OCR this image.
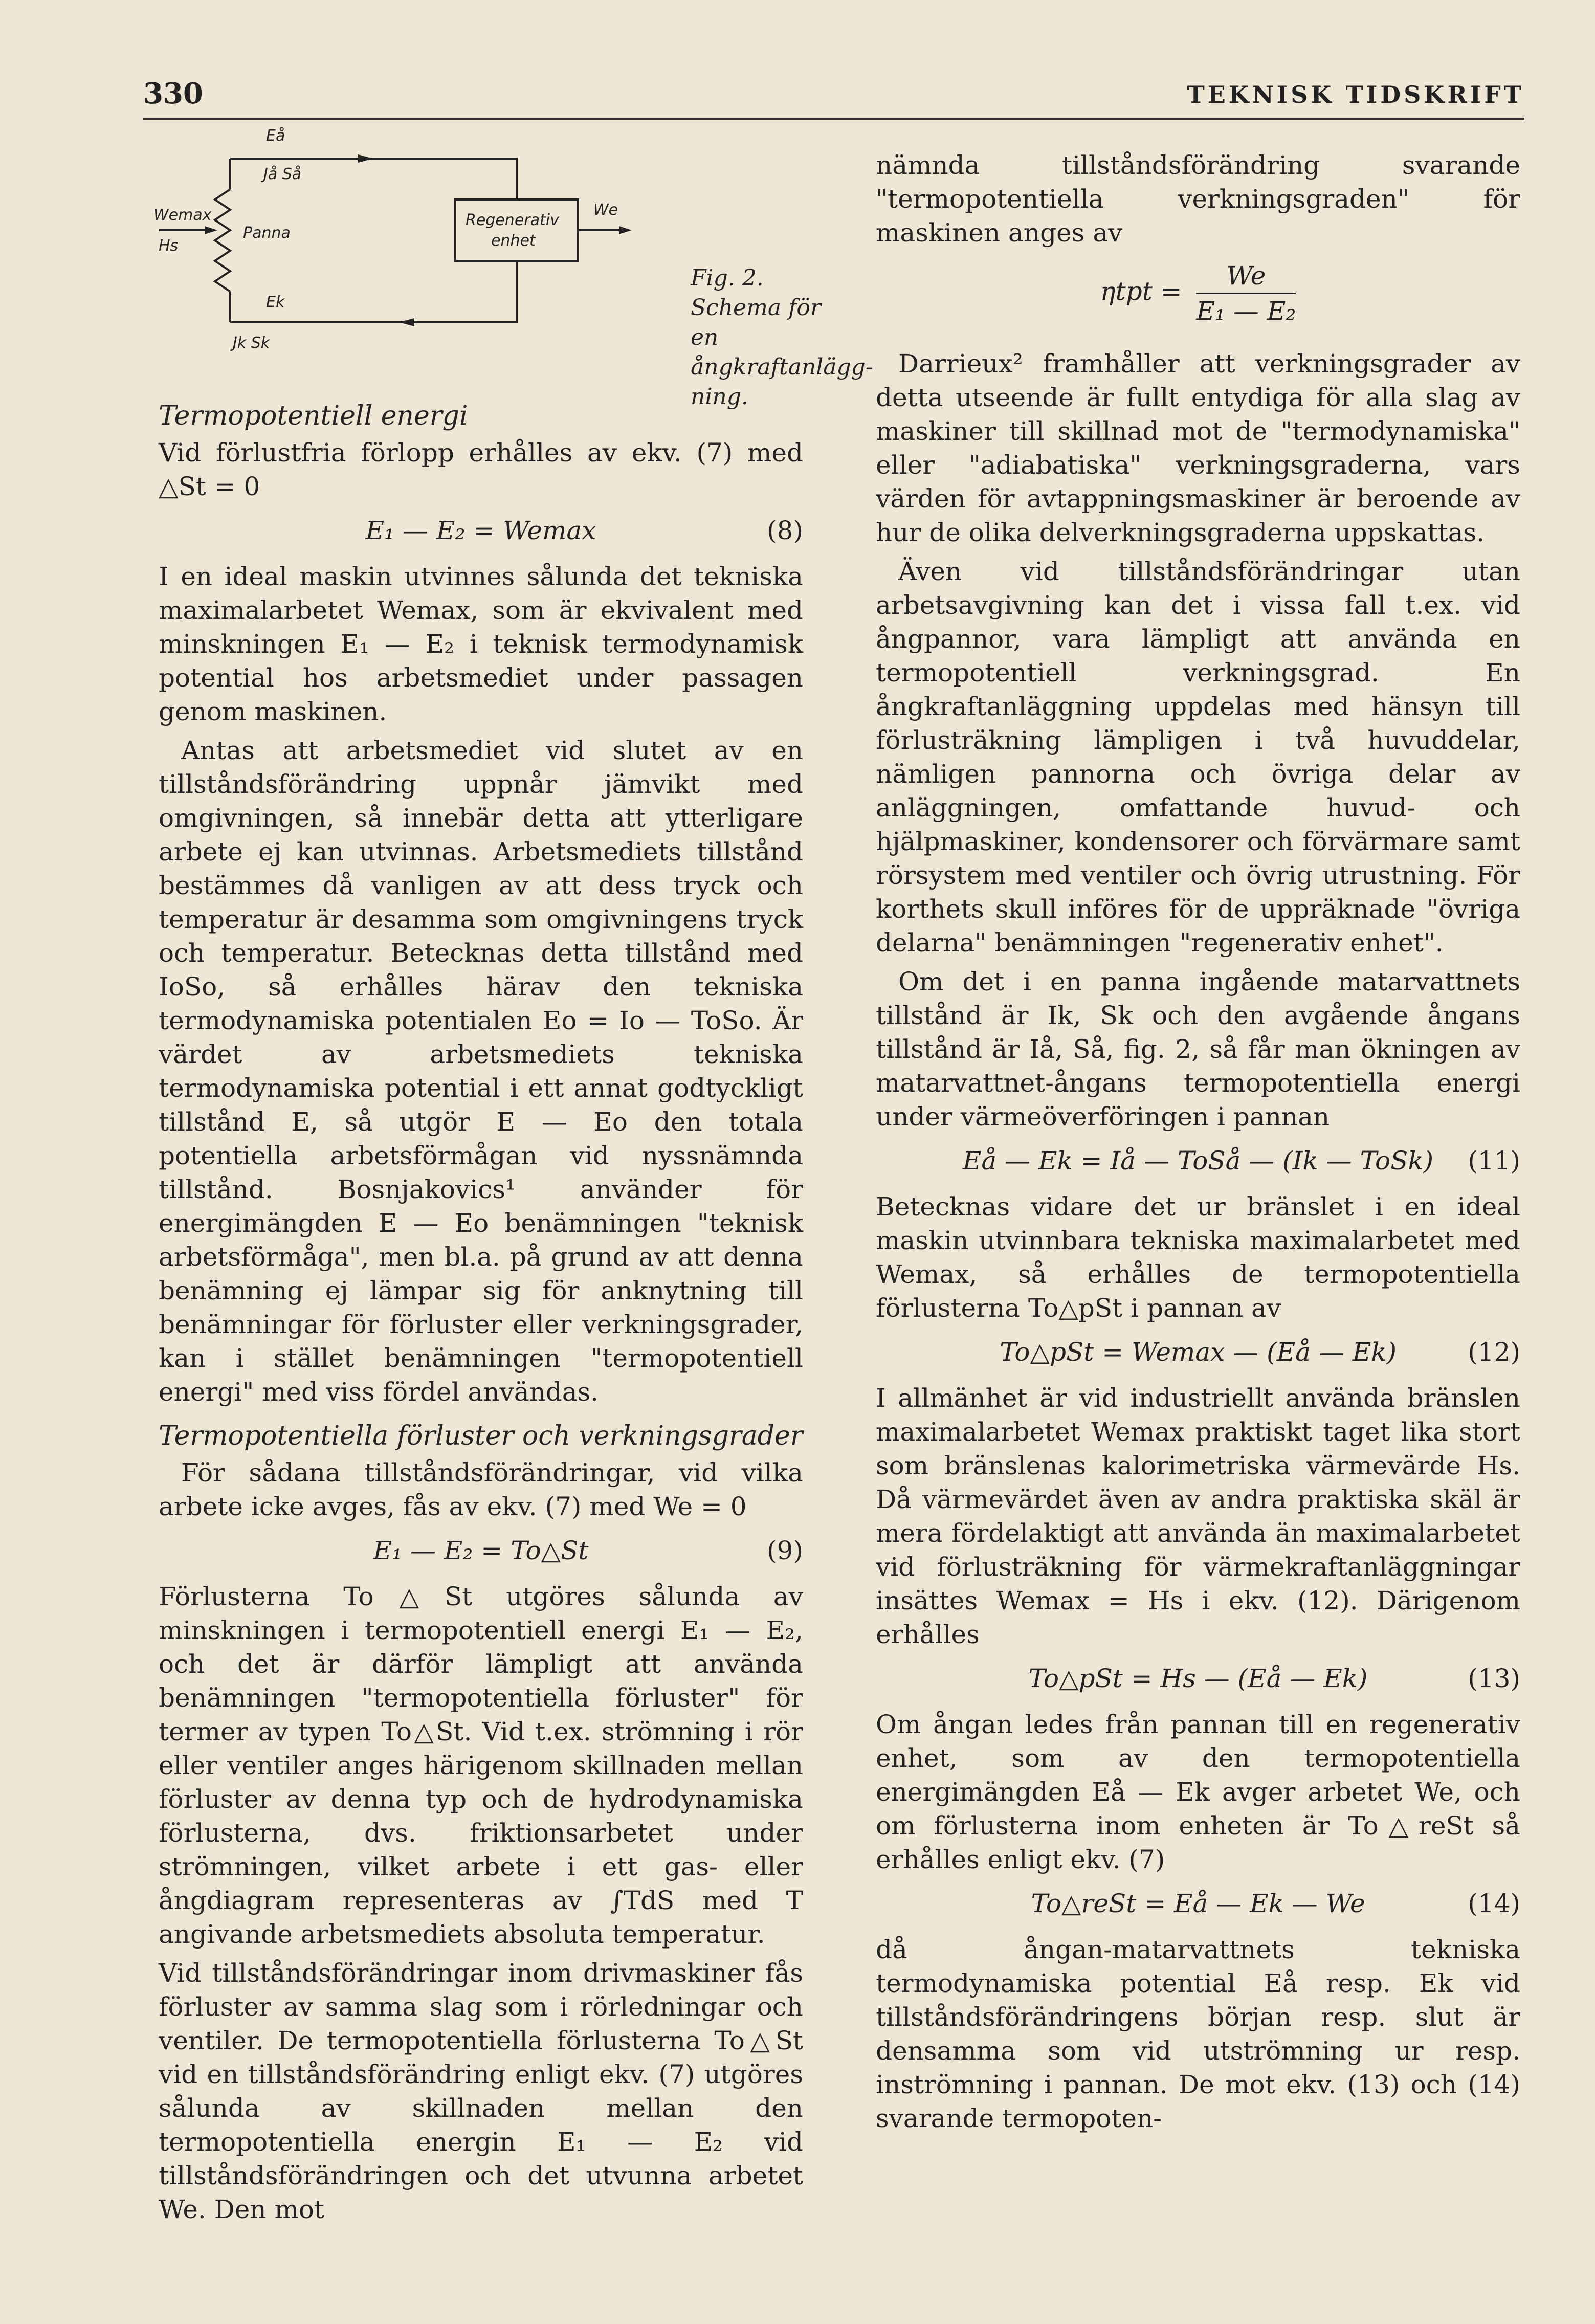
330	TEKNISK TIDSKRIFT
Eå
Jå Så
Wemax
Hs
Panna
Regenerativ
enhet
We
Ek
Jk Sk
Fig. 2. Schema för en ångkraftanläggning.
Termopotentiell energi

Vid förlustfria förlopp erhålles av ekv. (7) med △St = 0

E₁ — E₂ = Wemax	(8)

I en ideal maskin utvinnes sålunda det tekniska maximalarbetet Wemax, som är ekvivalent med minskningen E₁ — E₂ i teknisk termodynamisk potential hos arbetsmediet under passagen genom maskinen.

Antas att arbetsmediet vid slutet av en tillståndsförändring uppnår jämvikt med omgivningen, så innebär detta att ytterligare arbete ej kan utvinnas. Arbetsmediets tillstånd bestämmes då vanligen av att dess tryck och temperatur är desamma som omgivningens tryck och temperatur. Betecknas detta tillstånd med IoSo, så erhålles härav den tekniska termodynamiska potentialen Eo = Io — ToSo. Är värdet av arbetsmediets tekniska termodynamiska potential i ett annat godtyckligt tillstånd E, så utgör E — Eo den totala potentiella arbetsförmågan vid nyssnämnda tillstånd. Bosnjakovics¹ använder för energimängden E — Eo benämningen "teknisk arbetsförmåga", men bl.a. på grund av att denna benämning ej lämpar sig för anknytning till benämningar för förluster eller verkningsgrader, kan i stället benämningen "termopotentiell energi" med viss fördel användas.

Termopotentiella förluster och verkningsgrader

För sådana tillståndsförändringar, vid vilka arbete icke avges, fås av ekv. (7) med We = 0

E₁ — E₂ = To△St	(9)

Förlusterna To△St utgöres sålunda av minskningen i termopotentiell energi E₁ — E₂, och det är därför lämpligt att använda benämningen "termopotentiella förluster" för termer av typen To△St. Vid t.ex. strömning i rör eller ventiler anges härigenom skillnaden mellan förluster av denna typ och de hydrodynamiska förlusterna, dvs. friktionsarbetet under strömningen, vilket arbete i ett gas- eller ångdiagram representeras av ∫TdS med T angivande arbetsmediets absoluta temperatur.

Vid tillståndsförändringar inom drivmaskiner fås förluster av samma slag som i rörledningar och ventiler. De termopotentiella förlusterna To△St vid en tillståndsförändring enligt ekv. (7) utgöres sålunda av skillnaden mellan den termopotentiella energin E₁ — E₂ vid tillståndsförändringen och det utvunna arbetet We. Den mot

nämnda tillståndsförändring svarande "termopotentiella verkningsgraden" för maskinen anges av

$\eta tpt = \frac{We}{\text{E₁ — E₂}}$

Darrieux² framhåller att verkningsgrader av detta utseende är fullt entydiga för alla slag av maskiner till skillnad mot de "termodynamiska" eller "adiabatiska" verkningsgraderna, vars värden för avtappningsmaskiner är beroende av hur de olika delverkningsgraderna uppskattas.

Även vid tillståndsförändringar utan arbetsavgivning kan det i vissa fall t.ex. vid ångpannor, vara lämpligt att använda en termopotentiell verkningsgrad. En ångkraftanläggning uppdelas med hänsyn till förlusträkning lämpligen i två huvuddelar, nämligen pannorna och övriga delar av anläggningen, omfattande huvud- och hjälpmaskiner, kondensorer och förvärmare samt rörsystem med ventiler och övrig utrustning. För korthets skull införes för de uppräknade "övriga delarna" benämningen "regenerativ enhet".

Om det i en panna ingående matarvattnets tillstånd är Ik, Sk och den avgående ångans tillstånd är Iå, Så, fig. 2, så får man ökningen av matarvattnet-ångans termopotentiella energi under värmeöverföringen i pannan

Eå — Ek = Iå — ToSå — (Ik — ToSk) (11)

Betecknas vidare det ur bränslet i en ideal maskin utvinnbara tekniska maximalarbetet med Wemax, så erhålles de termopotentiella förlusterna To△pSt i pannan av

To△pSt = Wemax — (Eå — Ek)	(12)

I allmänhet är vid industriellt använda bränslen maximalarbetet Wemax praktiskt taget lika stort som bränslenas kalorimetriska värmevärde Hs. Då värmevärdet även av andra praktiska skäl är mera fördelaktigt att använda än maximalarbetet vid förlusträkning för värmekraftanläggningar insättes Wemax = Hs i ekv. (12). Därigenom erhålles

To△pSt = Hs — (Eå — Ek)	(13)

Om ångan ledes från pannan till en regenerativ enhet, som av den termopotentiella energimängden Eå — Ek avger arbetet We, och om förlusterna inom enheten är To△reSt så erhålles enligt ekv. (7)

To△reSt = Eå — Ek — We	(14)

då ångan-matarvattnets tekniska termodynamiska potential Eå resp. Ek vid tillståndsförändringens början resp. slut är densamma som vid utströmning ur resp. inströmning i pannan. De mot ekv. (13) och (14) svarande termopoten-
